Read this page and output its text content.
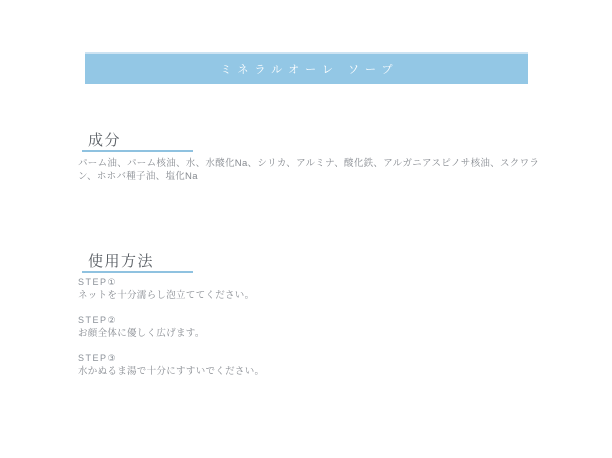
ミネラルオーレ ソープ
成分

パーム油、パーム核油、水、水酸化Na、シリカ、アルミナ、酸化鉄、アルガニアスピノサ核油、スクワラン、ホホバ種子油、塩化Na

使用方法
STEP①
ネットを十分濡らし泡立ててください。
STEP②
お顔全体に優しく広げます。
STEP③
水かぬるま湯で十分にすすいでください。
